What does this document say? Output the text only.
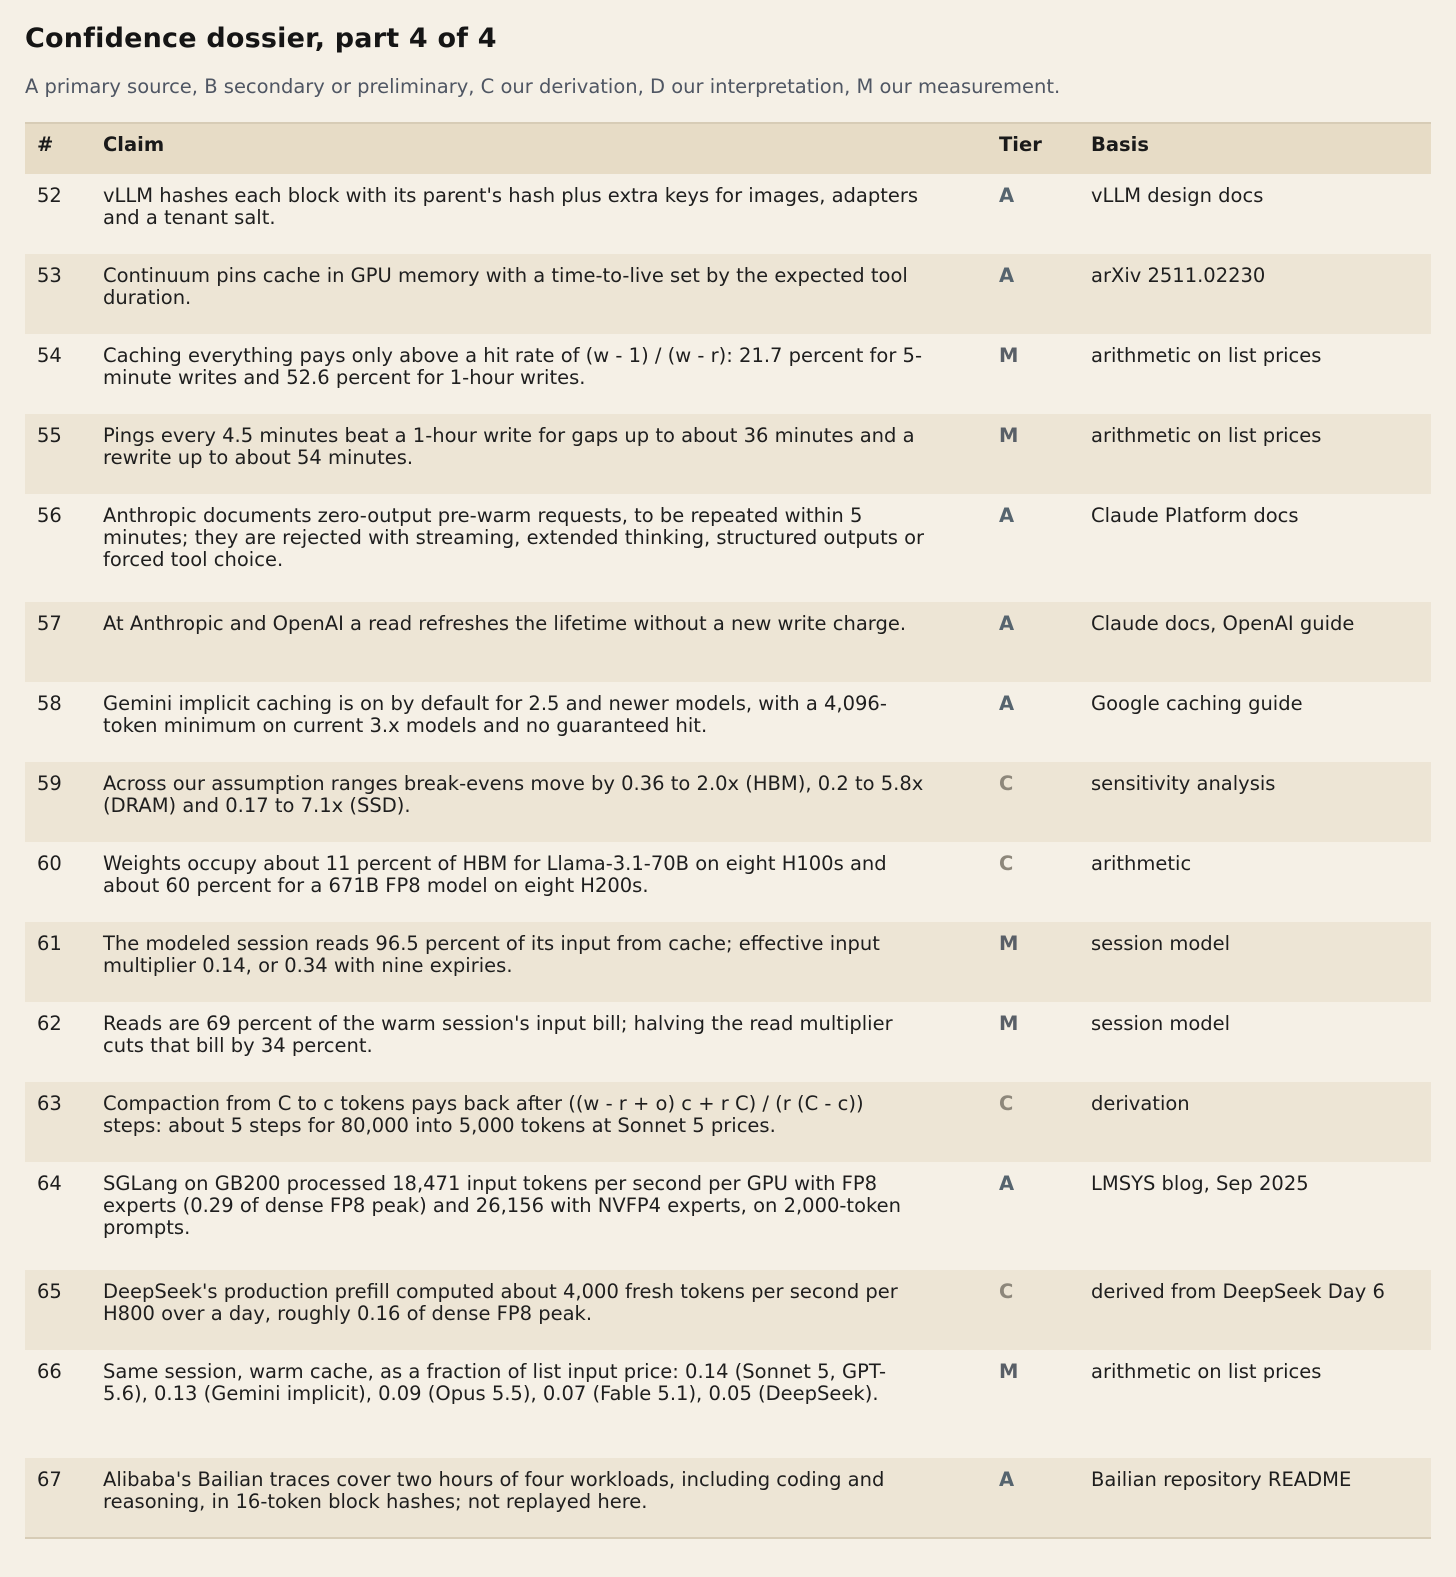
Confidence dossier, part 4 of 4
A primary source, B secondary or preliminary, C our derivation, D our interpretation, M our measurement.
#	Claim	Tier	Basis
52	vLLM hashes each block with its parent's hash plus extra keys for images, adapters and a tenant salt.	A	vLLM design docs
53	Continuum pins cache in GPU memory with a time-to-live set by the expected tool duration.	A	arXiv 2511.02230
54	Caching everything pays only above a hit rate of (w - 1) / (w - r): 21.7 percent for 5-minute writes and 52.6 percent for 1-hour writes.	M	arithmetic on list prices
55	Pings every 4.5 minutes beat a 1-hour write for gaps up to about 36 minutes and a rewrite up to about 54 minutes.	M	arithmetic on list prices
56	Anthropic documents zero-output pre-warm requests, to be repeated within 5 minutes; they are rejected with streaming, extended thinking, structured outputs or forced tool choice.	A	Claude Platform docs
57	At Anthropic and OpenAI a read refreshes the lifetime without a new write charge.	A	Claude docs, OpenAI guide
58	Gemini implicit caching is on by default for 2.5 and newer models, with a 4,096-token minimum on current 3.x models and no guaranteed hit.	A	Google caching guide
59	Across our assumption ranges break-evens move by 0.36 to 2.0x (HBM), 0.2 to 5.8x (DRAM) and 0.17 to 7.1x (SSD).	C	sensitivity analysis
60	Weights occupy about 11 percent of HBM for Llama-3.1-70B on eight H100s and about 60 percent for a 671B FP8 model on eight H200s.	C	arithmetic
61	The modeled session reads 96.5 percent of its input from cache; effective input multiplier 0.14, or 0.34 with nine expiries.	M	session model
62	Reads are 69 percent of the warm session's input bill; halving the read multiplier cuts that bill by 34 percent.	M	session model
63	Compaction from C to c tokens pays back after ((w - r + o) c + r C) / (r (C - c)) steps: about 5 steps for 80,000 into 5,000 tokens at Sonnet 5 prices.	C	derivation
64	SGLang on GB200 processed 18,471 input tokens per second per GPU with FP8 experts (0.29 of dense FP8 peak) and 26,156 with NVFP4 experts, on 2,000-token prompts.	A	LMSYS blog, Sep 2025
65	DeepSeek's production prefill computed about 4,000 fresh tokens per second per H800 over a day, roughly 0.16 of dense FP8 peak.	C	derived from DeepSeek Day 6
66	Same session, warm cache, as a fraction of list input price: 0.14 (Sonnet 5, GPT-5.6), 0.13 (Gemini implicit), 0.09 (Opus 5.5), 0.07 (Fable 5.1), 0.05 (DeepSeek).	M	arithmetic on list prices
67	Alibaba's Bailian traces cover two hours of four workloads, including coding and reasoning, in 16-token block hashes; not replayed here.	A	Bailian repository README
